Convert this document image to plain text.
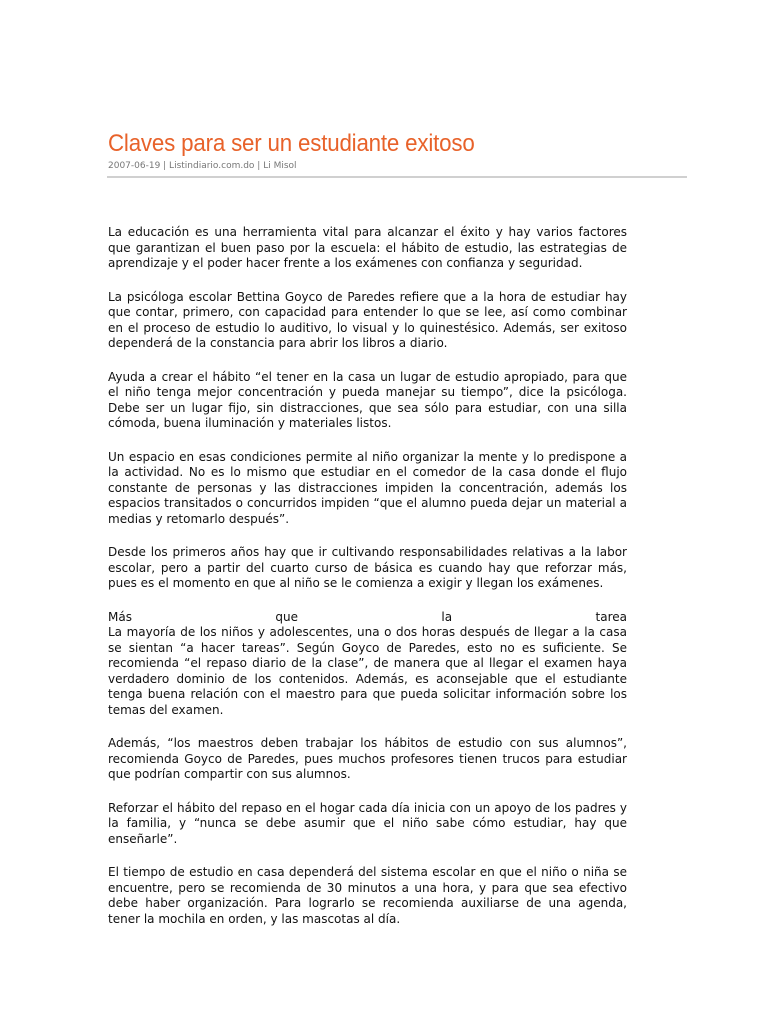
Claves para ser un estudiante exitoso
2007-06-19 | Listindiario.com.do | Li Misol

La educación es una herramienta vital para alcanzar el éxito y hay varios factores que garantizan el buen paso por la escuela: el hábito de estudio, las estrategias de aprendizaje y el poder hacer frente a los exámenes con confianza y seguridad.

La psicóloga escolar Bettina Goyco de Paredes refiere que a la hora de estudiar hay que contar, primero, con capacidad para entender lo que se lee, así como combinar en el proceso de estudio lo auditivo, lo visual y lo quinestésico. Además, ser exitoso dependerá de la constancia para abrir los libros a diario.

Ayuda a crear el hábito “el tener en la casa un lugar de estudio apropiado, para que el niño tenga mejor concentración y pueda manejar su tiempo”, dice la psicóloga. Debe ser un lugar fijo, sin distracciones, que sea sólo para estudiar, con una silla cómoda, buena iluminación y materiales listos.

Un espacio en esas condiciones permite al niño organizar la mente y lo predispone a la actividad. No es lo mismo que estudiar en el comedor de la casa donde el flujo constante de personas y las distracciones impiden la concentración, además los espacios transitados o concurridos impiden “que el alumno pueda dejar un material a medias y retomarlo después”.

Desde los primeros años hay que ir cultivando responsabilidades relativas a la labor escolar, pero a partir del cuarto curso de básica es cuando hay que reforzar más, pues es el momento en que al niño se le comienza a exigir y llegan los exámenes.

Más	que	la	tarea

La mayoría de los niños y adolescentes, una o dos horas después de llegar a la casa se sientan “a hacer tareas”. Según Goyco de Paredes, esto no es suficiente. Se recomienda “el repaso diario de la clase”, de manera que al llegar el examen haya verdadero dominio de los contenidos. Además, es aconsejable que el estudiante tenga buena relación con el maestro para que pueda solicitar información sobre los temas del examen.

Además, “los maestros deben trabajar los hábitos de estudio con sus alumnos”, recomienda Goyco de Paredes, pues muchos profesores tienen trucos para estudiar que podrían compartir con sus alumnos.

Reforzar el hábito del repaso en el hogar cada día inicia con un apoyo de los padres y la familia, y “nunca se debe asumir que el niño sabe cómo estudiar, hay que enseñarle”.

El tiempo de estudio en casa dependerá del sistema escolar en que el niño o niña se encuentre, pero se recomienda de 30 minutos a una hora, y para que sea efectivo debe haber organización. Para lograrlo se recomienda auxiliarse de una agenda, tener la mochila en orden, y las mascotas al día.
